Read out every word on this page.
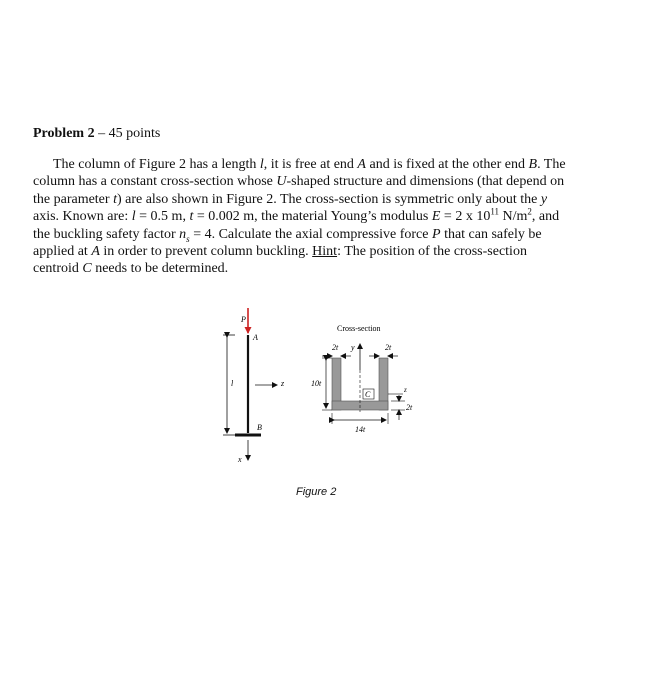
Problem 2 – 45 points
The column of Figure 2 has a length l, it is free at end A and is fixed at the other end B. The
column has a constant cross-section whose U-shaped structure and dimensions (that depend on
the parameter t) are also shown in Figure 2. The cross-section is symmetric only about the y
axis. Known are: l = 0.5 m, t = 0.002 m, the material Young’s modulus E = 2 x $10^{11}$ $N/m^2$, and
the buckling safety factor $n_s = 4$. Calculate the axial compressive force P that can safely be
applied at A in order to prevent column buckling. Hint: The position of the cross-section
centroid C needs to be determined.
P
A
B
l	z
x
Cross-section
2t	2t
y
10t
C	z
2t
14t
Figure 2
